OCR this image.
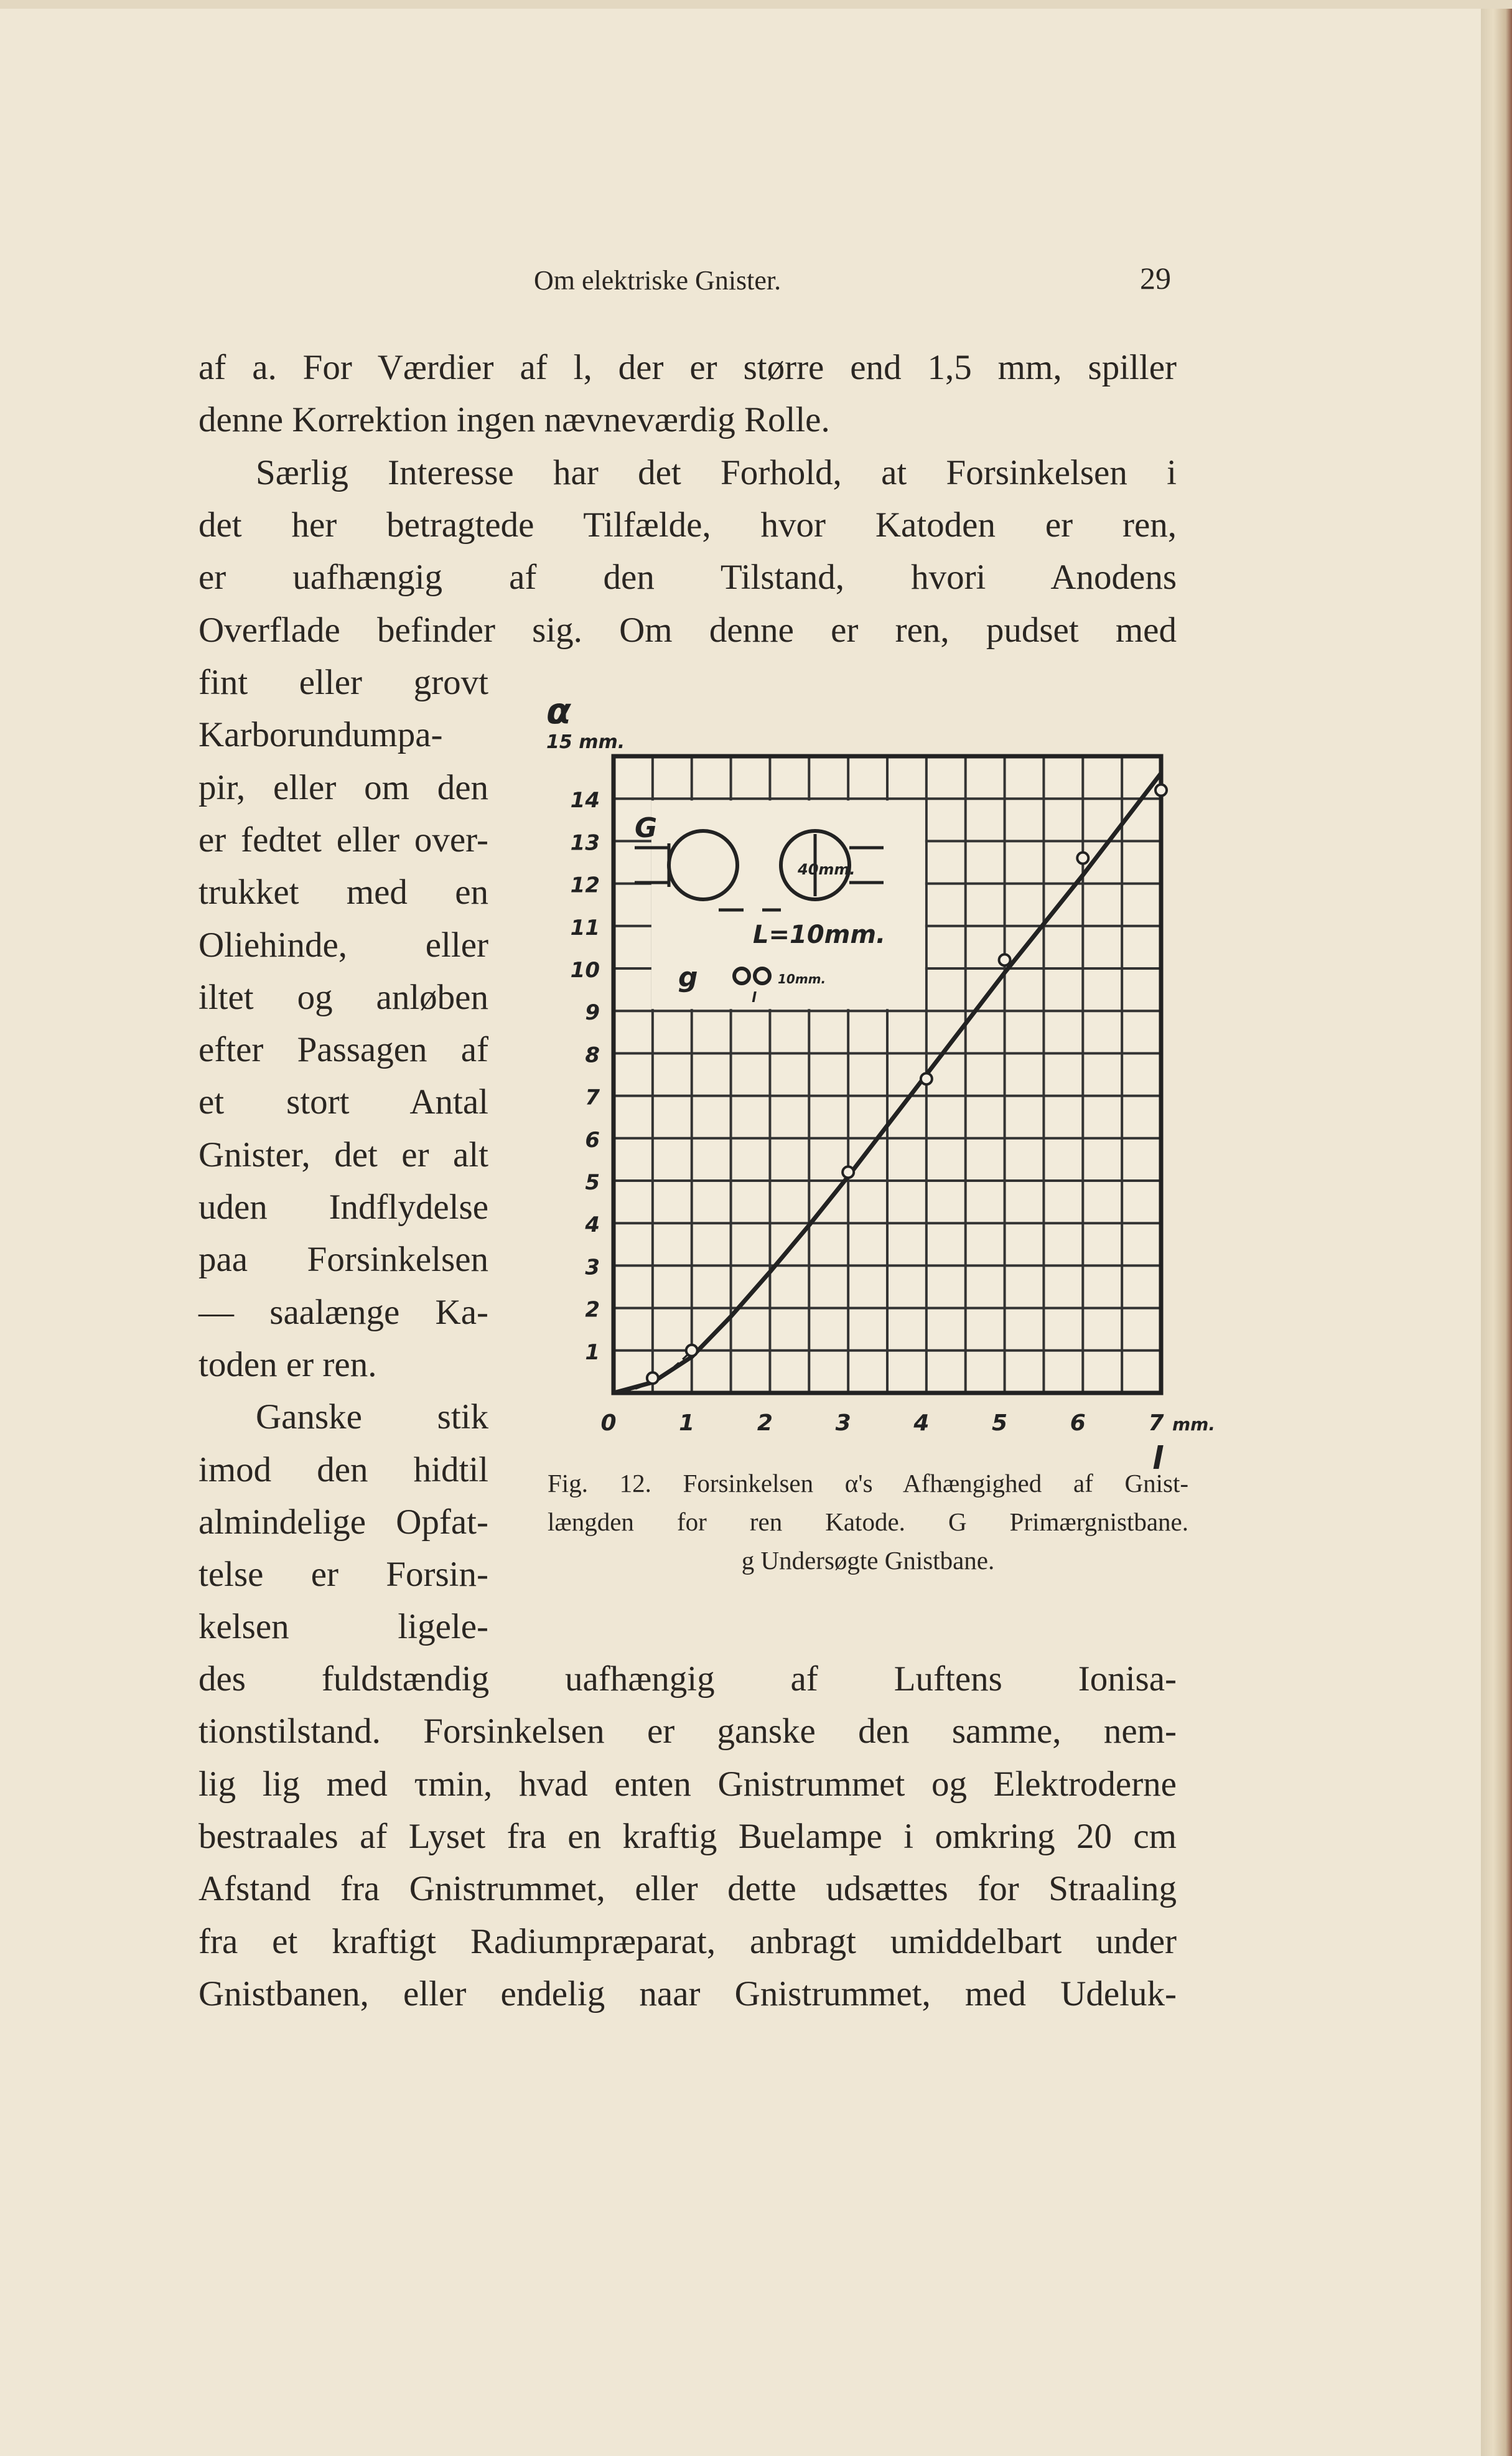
Om elektriske Gnister.	29
af a. For Værdier af l, der er større end 1,5 mm, spiller
denne Korrektion ingen nævneværdig Rolle.
Særlig Interesse har det Forhold, at Forsinkelsen i
det her betragtede Tilfælde, hvor Katoden er ren,
er uafhængig af den Tilstand, hvori Anodens
Overflade befinder sig. Om denne er ren, pudset med
fint eller grovt
Karborundumpa-
pir, eller om den
er fedtet eller over-
trukket med en
Oliehinde, eller
iltet og anløben
efter Passagen af
et stort Antal
Gnister, det er alt
uden Indflydelse
paa Forsinkelsen
— saalænge Ka-
toden er ren.
Ganske stik
imod den hidtil
almindelige Opfat-
telse er Forsin-
kelsen ligele-
des fuldstændig uafhængig af Luftens Ionisa-
tionstilstand. Forsinkelsen er ganske den samme, nem-
lig lig med τmin, hvad enten Gnistrummet og Elektroderne
bestraales af Lyset fra en kraftig Buelampe i omkring 20 cm
Afstand fra Gnistrummet, eller dette udsættes for Straaling
fra et kraftigt Radiumpræparat, anbragt umiddelbart under
Gnistbanen, eller endelig naar Gnistrummet, med Udeluk-
G
40mm.
L=10mm.
g	10mm.
l
1
2
3
4
5
6
7
8
9
10
11
12
13
14
0	1	2	3	4	5	6	7 mm.
l
α
15 mm.
Fig. 12. Forsinkelsen α's Afhængighed af Gnist-
længden for ren Katode. G Primærgnistbane.
g Undersøgte Gnistbane.
